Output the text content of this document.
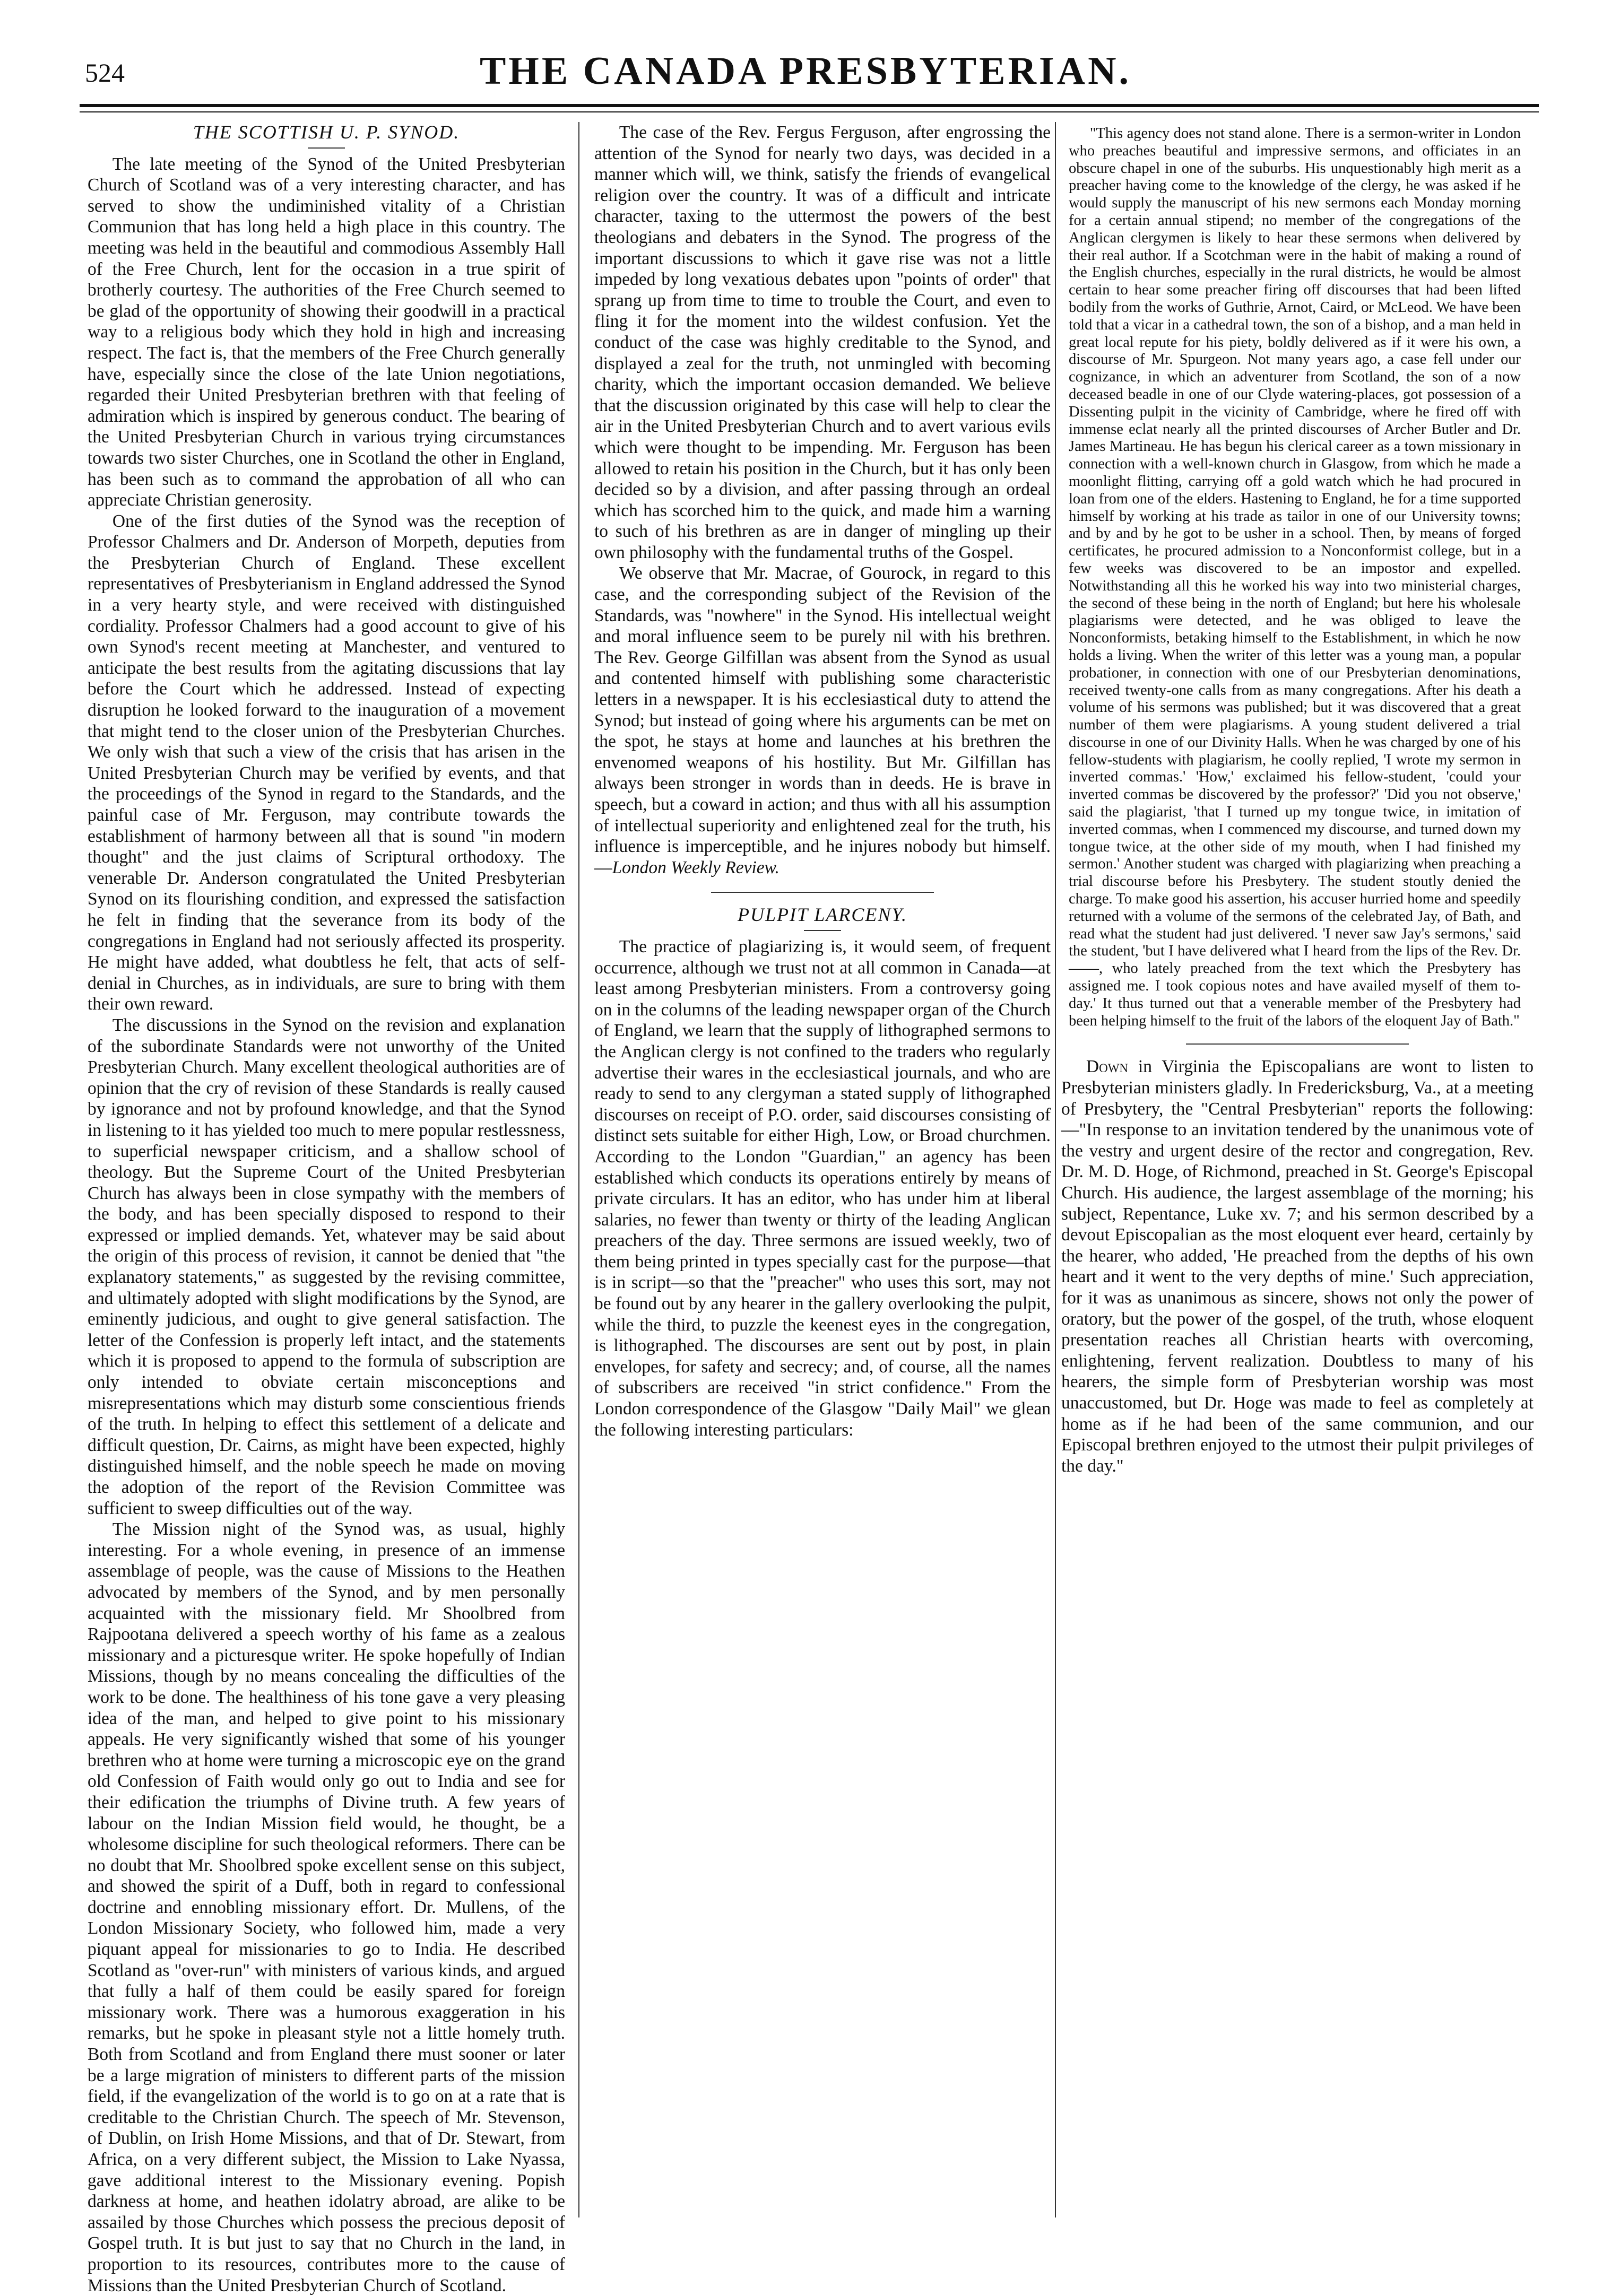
524	THE CANADA PRESBYTERIAN.
THE SCOTTISH U. P. SYNOD.

The late meeting of the Synod of the United Presbyterian Church of Scotland was of a very interesting character, and has served to show the undiminished vitality of a Christian Communion that has long held a high place in this country. The meeting was held in the beautiful and commodious Assembly Hall of the Free Church, lent for the occasion in a true spirit of brotherly courtesy. The authorities of the Free Church seemed to be glad of the opportunity of showing their goodwill in a practical way to a religious body which they hold in high and increasing respect. The fact is, that the members of the Free Church generally have, especially since the close of the late Union negotiations, regarded their United Presbyterian brethren with that feeling of admiration which is inspired by generous conduct. The bearing of the United Presbyterian Church in various trying circumstances towards two sister Churches, one in Scotland the other in England, has been such as to command the approbation of all who can appreciate Christian generosity.

One of the first duties of the Synod was the reception of Professor Chalmers and Dr. Anderson of Morpeth, deputies from the Presbyterian Church of England. These excellent representatives of Presbyterianism in England addressed the Synod in a very hearty style, and were received with distinguished cordiality. Professor Chalmers had a good account to give of his own Synod's recent meeting at Manchester, and ventured to anticipate the best results from the agitating discussions that lay before the Court which he addressed. Instead of expecting disruption he looked forward to the inauguration of a movement that might tend to the closer union of the Presbyterian Churches. We only wish that such a view of the crisis that has arisen in the United Presbyterian Church may be verified by events, and that the proceedings of the Synod in regard to the Standards, and the painful case of Mr. Ferguson, may contribute towards the establishment of harmony between all that is sound "in modern thought" and the just claims of Scriptural orthodoxy. The venerable Dr. Anderson congratulated the United Presbyterian Synod on its flourishing condition, and expressed the satisfaction he felt in finding that the severance from its body of the congregations in England had not seriously affected its prosperity. He might have added, what doubtless he felt, that acts of self-denial in Churches, as in individuals, are sure to bring with them their own reward.

The discussions in the Synod on the revision and explanation of the subordinate Standards were not unworthy of the United Presbyterian Church. Many excellent theological authorities are of opinion that the cry of revision of these Standards is really caused by ignorance and not by profound knowledge, and that the Synod in listening to it has yielded too much to mere popular restlessness, to superficial newspaper criticism, and a shallow school of theology. But the Supreme Court of the United Presbyterian Church has always been in close sympathy with the members of the body, and has been specially disposed to respond to their expressed or implied demands. Yet, whatever may be said about the origin of this process of revision, it cannot be denied that "the explanatory statements," as suggested by the revising committee, and ultimately adopted with slight modifications by the Synod, are eminently judicious, and ought to give general satisfaction. The letter of the Confession is properly left intact, and the statements which it is proposed to append to the formula of subscription are only intended to obviate certain misconceptions and misrepresentations which may disturb some conscientious friends of the truth. In helping to effect this settlement of a delicate and difficult question, Dr. Cairns, as might have been expected, highly distinguished himself, and the noble speech he made on moving the adoption of the report of the Revision Committee was sufficient to sweep difficulties out of the way.

The Mission night of the Synod was, as usual, highly interesting. For a whole evening, in presence of an immense assemblage of people, was the cause of Missions to the Heathen advocated by members of the Synod, and by men personally acquainted with the missionary field. Mr Shoolbred from Rajpootana delivered a speech worthy of his fame as a zealous missionary and a picturesque writer. He spoke hopefully of Indian Missions, though by no means concealing the difficulties of the work to be done. The healthiness of his tone gave a very pleasing idea of the man, and helped to give point to his missionary appeals. He very significantly wished that some of his younger brethren who at home were turning a microscopic eye on the grand old Confession of Faith would only go out to India and see for their edification the triumphs of Divine truth. A few years of labour on the Indian Mission field would, he thought, be a wholesome discipline for such theological reformers. There can be no doubt that Mr. Shoolbred spoke excellent sense on this subject, and showed the spirit of a Duff, both in regard to confessional doctrine and ennobling missionary effort. Dr. Mullens, of the London Missionary Society, who followed him, made a very piquant appeal for missionaries to go to India. He described Scotland as "over-run" with ministers of various kinds, and argued that fully a half of them could be easily spared for foreign missionary work. There was a humorous exaggeration in his remarks, but he spoke in pleasant style not a little homely truth. Both from Scotland and from England there must sooner or later be a large migration of ministers to different parts of the mission field, if the evangelization of the world is to go on at a rate that is creditable to the Christian Church. The speech of Mr. Stevenson, of Dublin, on Irish Home Missions, and that of Dr. Stewart, from Africa, on a very different subject, the Mission to Lake Nyassa, gave additional interest to the Missionary evening. Popish darkness at home, and heathen idolatry abroad, are alike to be assailed by those Churches which possess the precious deposit of Gospel truth. It is but just to say that no Church in the land, in proportion to its resources, contributes more to the cause of Missions than the United Presbyterian Church of Scotland.

The case of the Rev. Fergus Ferguson, after engrossing the attention of the Synod for nearly two days, was decided in a manner which will, we think, satisfy the friends of evangelical religion over the country. It was of a difficult and intricate character, taxing to the uttermost the powers of the best theologians and debaters in the Synod. The progress of the important discussions to which it gave rise was not a little impeded by long vexatious debates upon "points of order" that sprang up from time to time to trouble the Court, and even to fling it for the moment into the wildest confusion. Yet the conduct of the case was highly creditable to the Synod, and displayed a zeal for the truth, not unmingled with becoming charity, which the important occasion demanded. We believe that the discussion originated by this case will help to clear the air in the United Presbyterian Church and to avert various evils which were thought to be impending. Mr. Ferguson has been allowed to retain his position in the Church, but it has only been decided so by a division, and after passing through an ordeal which has scorched him to the quick, and made him a warning to such of his brethren as are in danger of mingling up their own philosophy with the fundamental truths of the Gospel.

We observe that Mr. Macrae, of Gourock, in regard to this case, and the corresponding subject of the Revision of the Standards, was "nowhere" in the Synod. His intellectual weight and moral influence seem to be purely nil with his brethren. The Rev. George Gilfillan was absent from the Synod as usual and contented himself with publishing some characteristic letters in a newspaper. It is his ecclesiastical duty to attend the Synod; but instead of going where his arguments can be met on the spot, he stays at home and launches at his brethren the envenomed weapons of his hostility. But Mr. Gilfillan has always been stronger in words than in deeds. He is brave in speech, but a coward in action; and thus with all his assumption of intellectual superiority and enlightened zeal for the truth, his influence is imperceptible, and he injures nobody but himself.—London Weekly Review.

PULPIT LARCENY.

The practice of plagiarizing is, it would seem, of frequent occurrence, although we trust not at all common in Canada—at least among Presbyterian ministers. From a controversy going on in the columns of the leading newspaper organ of the Church of England, we learn that the supply of lithographed sermons to the Anglican clergy is not confined to the traders who regularly advertise their wares in the ecclesiastical journals, and who are ready to send to any clergyman a stated supply of lithographed discourses on receipt of P.O. order, said discourses consisting of distinct sets suitable for either High, Low, or Broad churchmen. According to the London "Guardian," an agency has been established which conducts its operations entirely by means of private circulars. It has an editor, who has under him at liberal salaries, no fewer than twenty or thirty of the leading Anglican preachers of the day. Three sermons are issued weekly, two of them being printed in types specially cast for the purpose—that is in script—so that the "preacher" who uses this sort, may not be found out by any hearer in the gallery overlooking the pulpit, while the third, to puzzle the keenest eyes in the congregation, is lithographed. The discourses are sent out by post, in plain envelopes, for safety and secrecy; and, of course, all the names of subscribers are received "in strict confidence." From the London correspondence of the Glasgow "Daily Mail" we glean the following interesting particulars:

"This agency does not stand alone. There is a sermon-writer in London who preaches beautiful and impressive sermons, and officiates in an obscure chapel in one of the suburbs. His unquestionably high merit as a preacher having come to the knowledge of the clergy, he was asked if he would supply the manuscript of his new sermons each Monday morning for a certain annual stipend; no member of the congregations of the Anglican clergymen is likely to hear these sermons when delivered by their real author. If a Scotchman were in the habit of making a round of the English churches, especially in the rural districts, he would be almost certain to hear some preacher firing off discourses that had been lifted bodily from the works of Guthrie, Arnot, Caird, or McLeod. We have been told that a vicar in a cathedral town, the son of a bishop, and a man held in great local repute for his piety, boldly delivered as if it were his own, a discourse of Mr. Spurgeon. Not many years ago, a case fell under our cognizance, in which an adventurer from Scotland, the son of a now deceased beadle in one of our Clyde watering-places, got possession of a Dissenting pulpit in the vicinity of Cambridge, where he fired off with immense eclat nearly all the printed discourses of Archer Butler and Dr. James Martineau. He has begun his clerical career as a town missionary in connection with a well-known church in Glasgow, from which he made a moonlight flitting, carrying off a gold watch which he had procured in loan from one of the elders. Hastening to England, he for a time supported himself by working at his trade as tailor in one of our University towns; and by and by he got to be usher in a school. Then, by means of forged certificates, he procured admission to a Nonconformist college, but in a few weeks was discovered to be an impostor and expelled. Notwithstanding all this he worked his way into two ministerial charges, the second of these being in the north of England; but here his wholesale plagiarisms were detected, and he was obliged to leave the Nonconformists, betaking himself to the Establishment, in which he now holds a living. When the writer of this letter was a young man, a popular probationer, in connection with one of our Presbyterian denominations, received twenty-one calls from as many congregations. After his death a volume of his sermons was published; but it was discovered that a great number of them were plagiarisms. A young student delivered a trial discourse in one of our Divinity Halls. When he was charged by one of his fellow-students with plagiarism, he coolly replied, 'I wrote my sermon in inverted commas.' 'How,' exclaimed his fellow-student, 'could your inverted commas be discovered by the professor?' 'Did you not observe,' said the plagiarist, 'that I turned up my tongue twice, in imitation of inverted commas, when I commenced my discourse, and turned down my tongue twice, at the other side of my mouth, when I had finished my sermon.' Another student was charged with plagiarizing when preaching a trial discourse before his Presbytery. The student stoutly denied the charge. To make good his assertion, his accuser hurried home and speedily returned with a volume of the sermons of the celebrated Jay, of Bath, and read what the student had just delivered. 'I never saw Jay's sermons,' said the student, 'but I have delivered what I heard from the lips of the Rev. Dr. ——, who lately preached from the text which the Presbytery has assigned me. I took copious notes and have availed myself of them to-day.' It thus turned out that a venerable member of the Presbytery had been helping himself to the fruit of the labors of the eloquent Jay of Bath."

Down in Virginia the Episcopalians are wont to listen to Presbyterian ministers gladly. In Fredericksburg, Va., at a meeting of Presbytery, the "Central Presbyterian" reports the following:—"In response to an invitation tendered by the unanimous vote of the vestry and urgent desire of the rector and congregation, Rev. Dr. M. D. Hoge, of Richmond, preached in St. George's Episcopal Church. His audience, the largest assemblage of the morning; his subject, Repentance, Luke xv. 7; and his sermon described by a devout Episcopalian as the most eloquent ever heard, certainly by the hearer, who added, 'He preached from the depths of his own heart and it went to the very depths of mine.' Such appreciation, for it was as unanimous as sincere, shows not only the power of oratory, but the power of the gospel, of the truth, whose eloquent presentation reaches all Christian hearts with overcoming, enlightening, fervent realization. Doubtless to many of his hearers, the simple form of Presbyterian worship was most unaccustomed, but Dr. Hoge was made to feel as completely at home as if he had been of the same communion, and our Episcopal brethren enjoyed to the utmost their pulpit privileges of the day."
